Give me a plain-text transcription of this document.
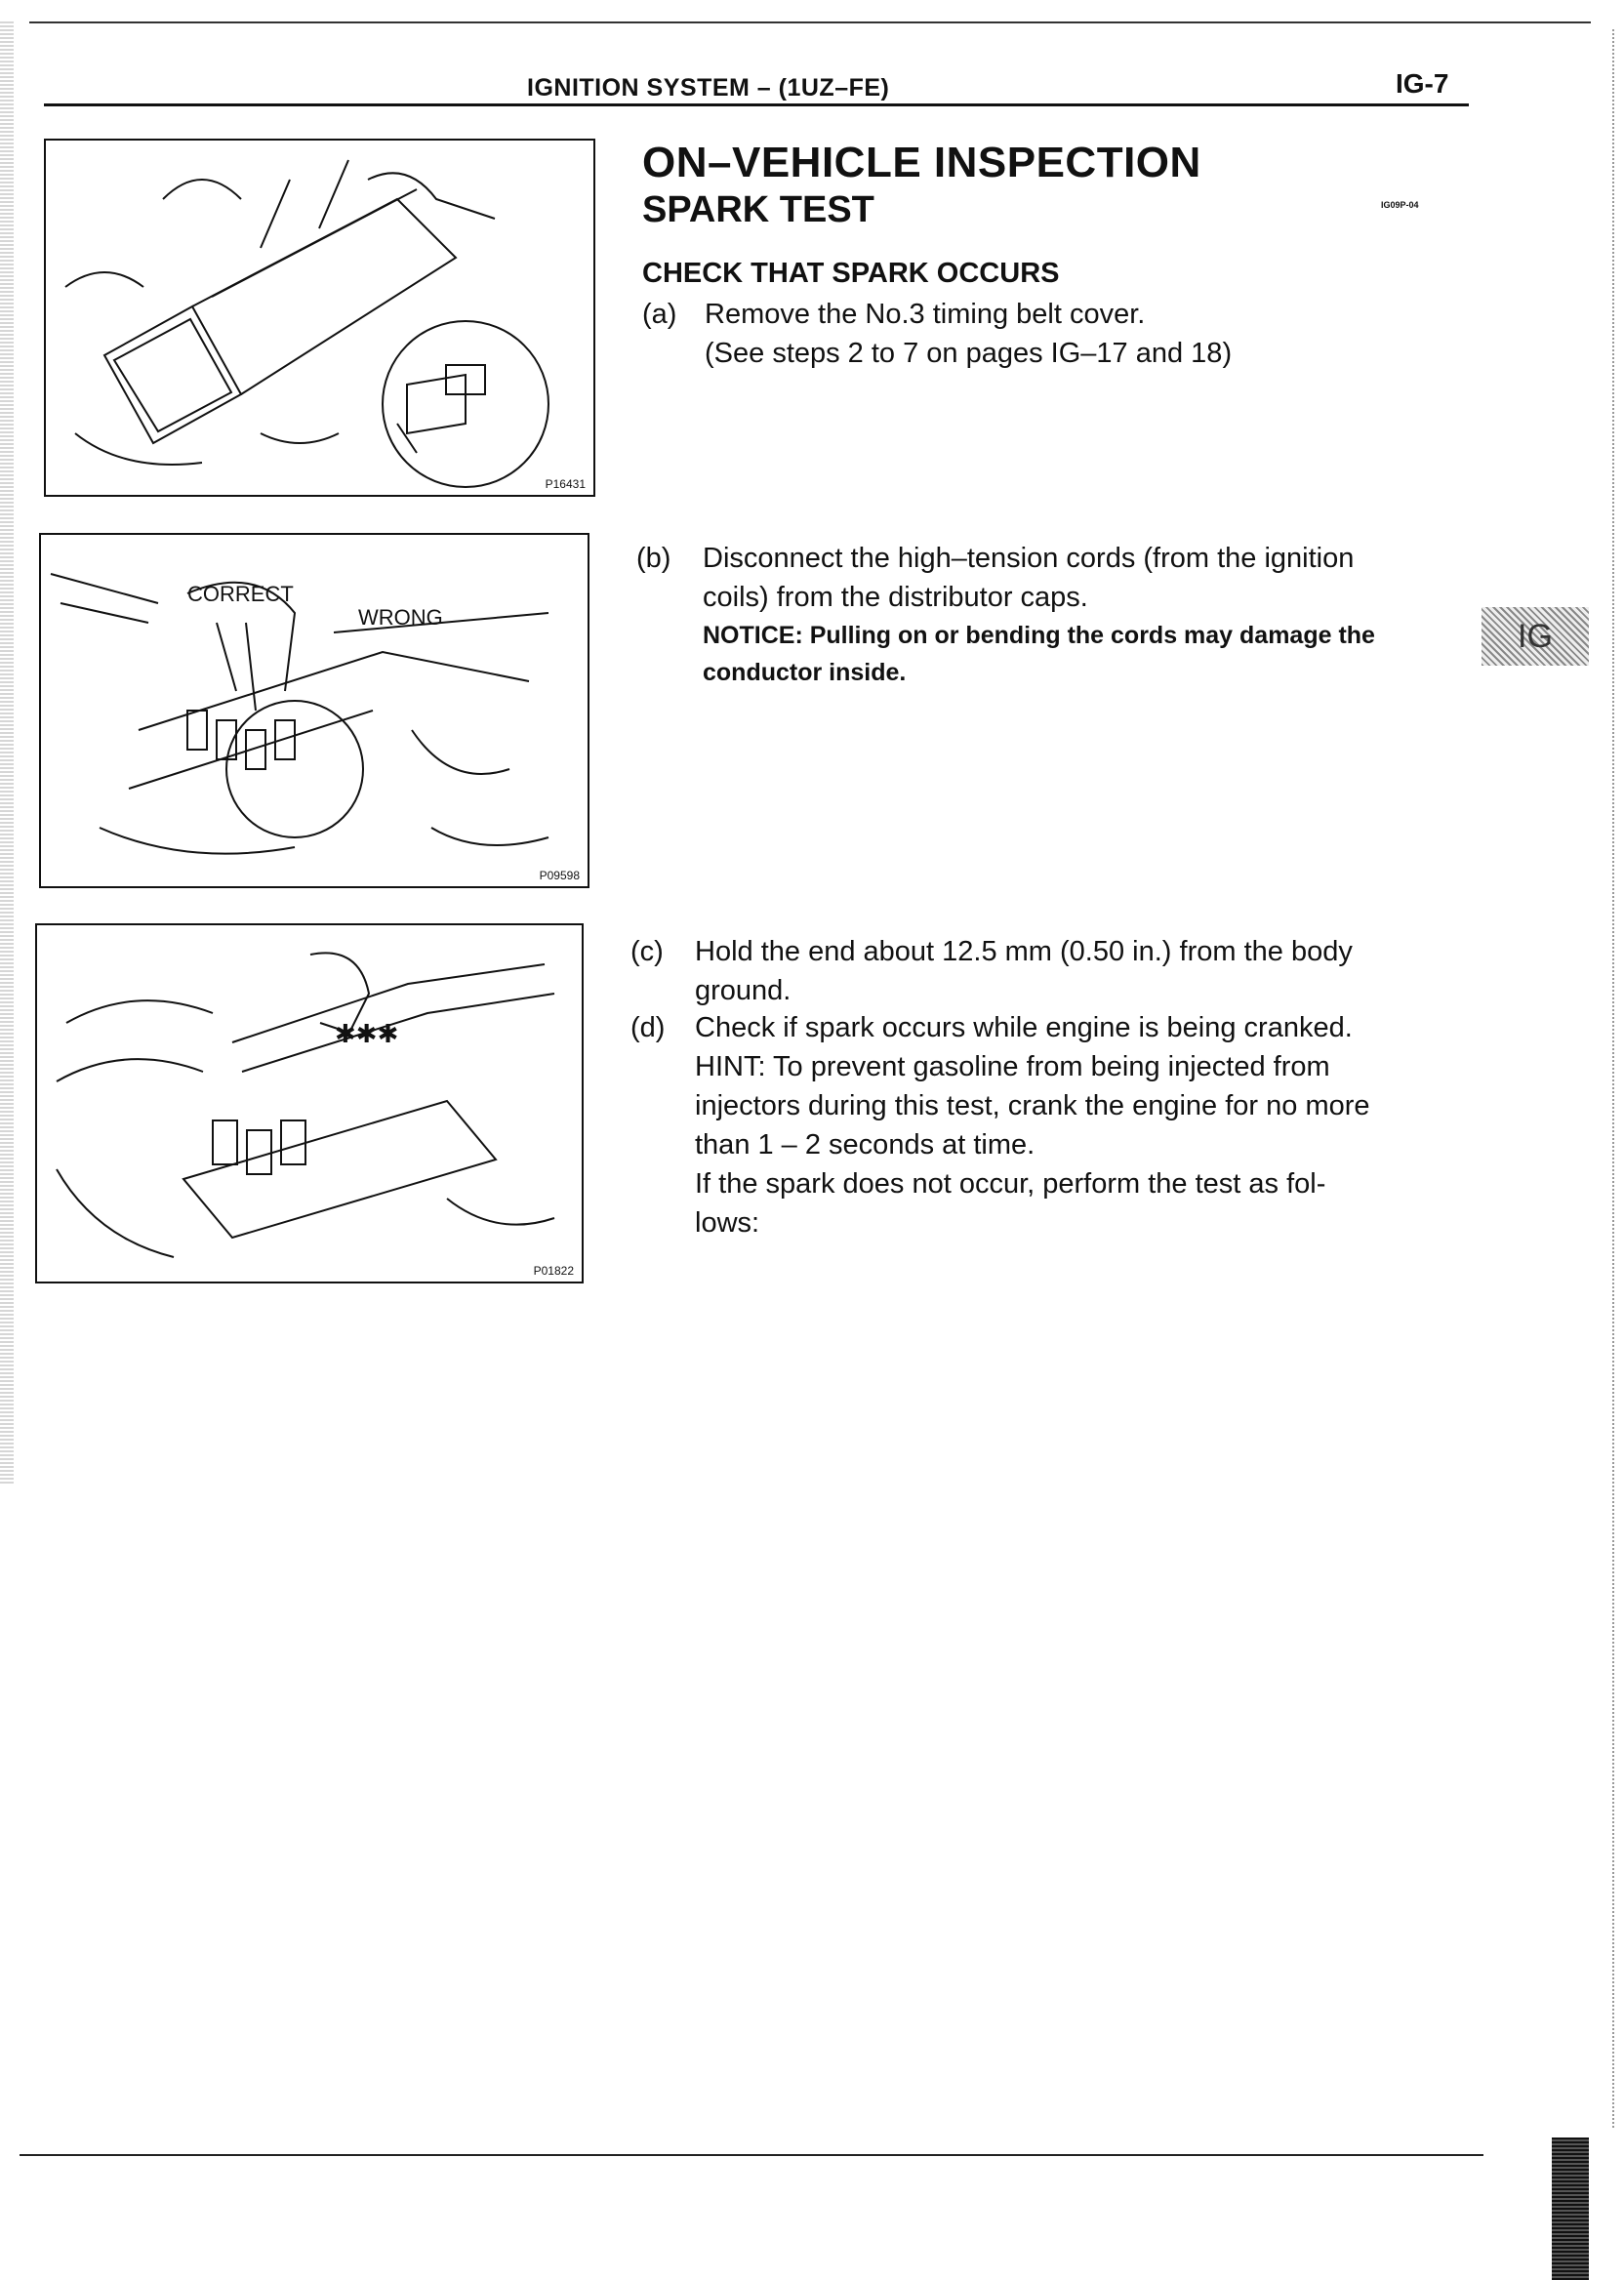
IGNITION SYSTEM – (1UZ–FE)	IG-7
P16431
CORRECT
WRONG
P09598
✱✱✱
P01822
ON–VEHICLE INSPECTION
SPARK TEST	IG09P-04
CHECK THAT SPARK OCCURS
(a) Remove the No.3 timing belt cover.
(See steps 2 to 7 on pages IG–17 and 18)
(b) Disconnect the high–tension cords (from the ignition
coils) from the distributor caps.
NOTICE: Pulling on or bending the cords may damage the
conductor inside.
IG
(c) Hold the end about 12.5 mm (0.50 in.) from the body
ground.
(d) Check if spark occurs while engine is being cranked.
HINT: To prevent gasoline from being injected from
injectors during this test, crank the engine for no more
than 1 – 2 seconds at time.
If the spark does not occur, perform the test as fol-
lows:
